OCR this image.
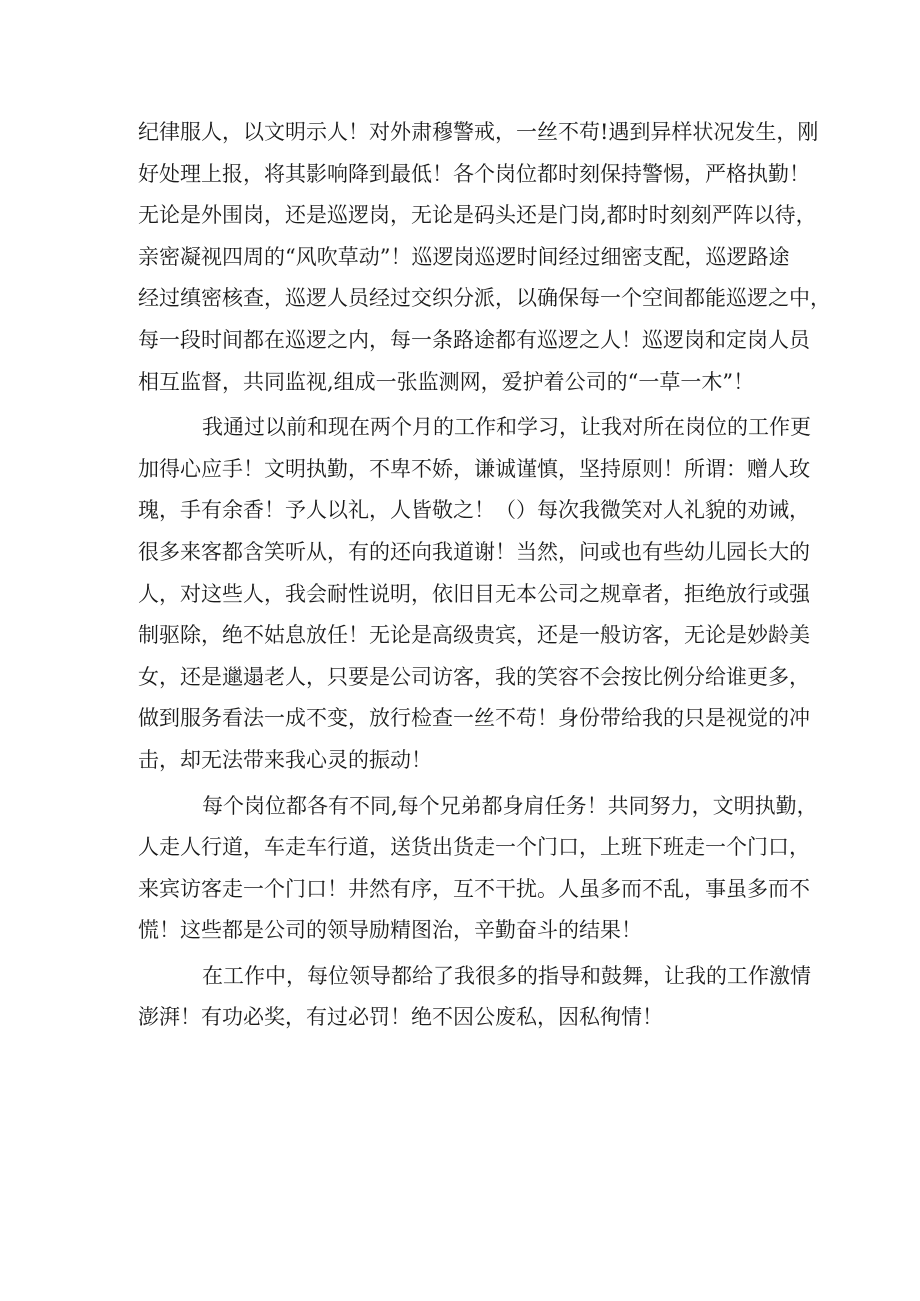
纪律服人，以文明示人！对外肃穆警戒，一丝不苟!遇到异样状况发生，刚
好处理上报，将其影响降到最低！各个岗位都时刻保持警惕，严格执勤！
无论是外围岗，还是巡逻岗，无论是码头还是门岗,都时时刻刻严阵以待，
亲密凝视四周的“风吹草动”！巡逻岗巡逻时间经过细密支配，巡逻路途
经过缜密核查，巡逻人员经过交织分派，以确保每一个空间都能巡逻之中，
每一段时间都在巡逻之内，每一条路途都有巡逻之人！巡逻岗和定岗人员
相互监督，共同监视,组成一张监测网，爱护着公司的“一草一木”！
我通过以前和现在两个月的工作和学习，让我对所在岗位的工作更
加得心应手！文明执勤，不卑不娇，谦诚谨慎，坚持原则！所谓：赠人玫
瑰，手有余香！予人以礼，人皆敬之！（）每次我微笑对人礼貌的劝诫，
很多来客都含笑听从，有的还向我道谢！当然，问或也有些幼儿园长大的
人，对这些人，我会耐性说明，依旧目无本公司之规章者，拒绝放行或强
制驱除，绝不姑息放任！无论是高级贵宾，还是一般访客，无论是妙龄美
女，还是邋遢老人，只要是公司访客，我的笑容不会按比例分给谁更多，
做到服务看法一成不变，放行检查一丝不苟！身份带给我的只是视觉的冲
击，却无法带来我心灵的振动！
每个岗位都各有不同,每个兄弟都身肩任务！共同努力，文明执勤，
人走人行道，车走车行道，送货出货走一个门口，上班下班走一个门口，
来宾访客走一个门口！井然有序，互不干扰。人虽多而不乱，事虽多而不
慌！这些都是公司的领导励精图治，辛勤奋斗的结果！
在工作中，每位领导都给了我很多的指导和鼓舞，让我的工作激情
澎湃！有功必奖，有过必罚！绝不因公废私，因私徇情！
